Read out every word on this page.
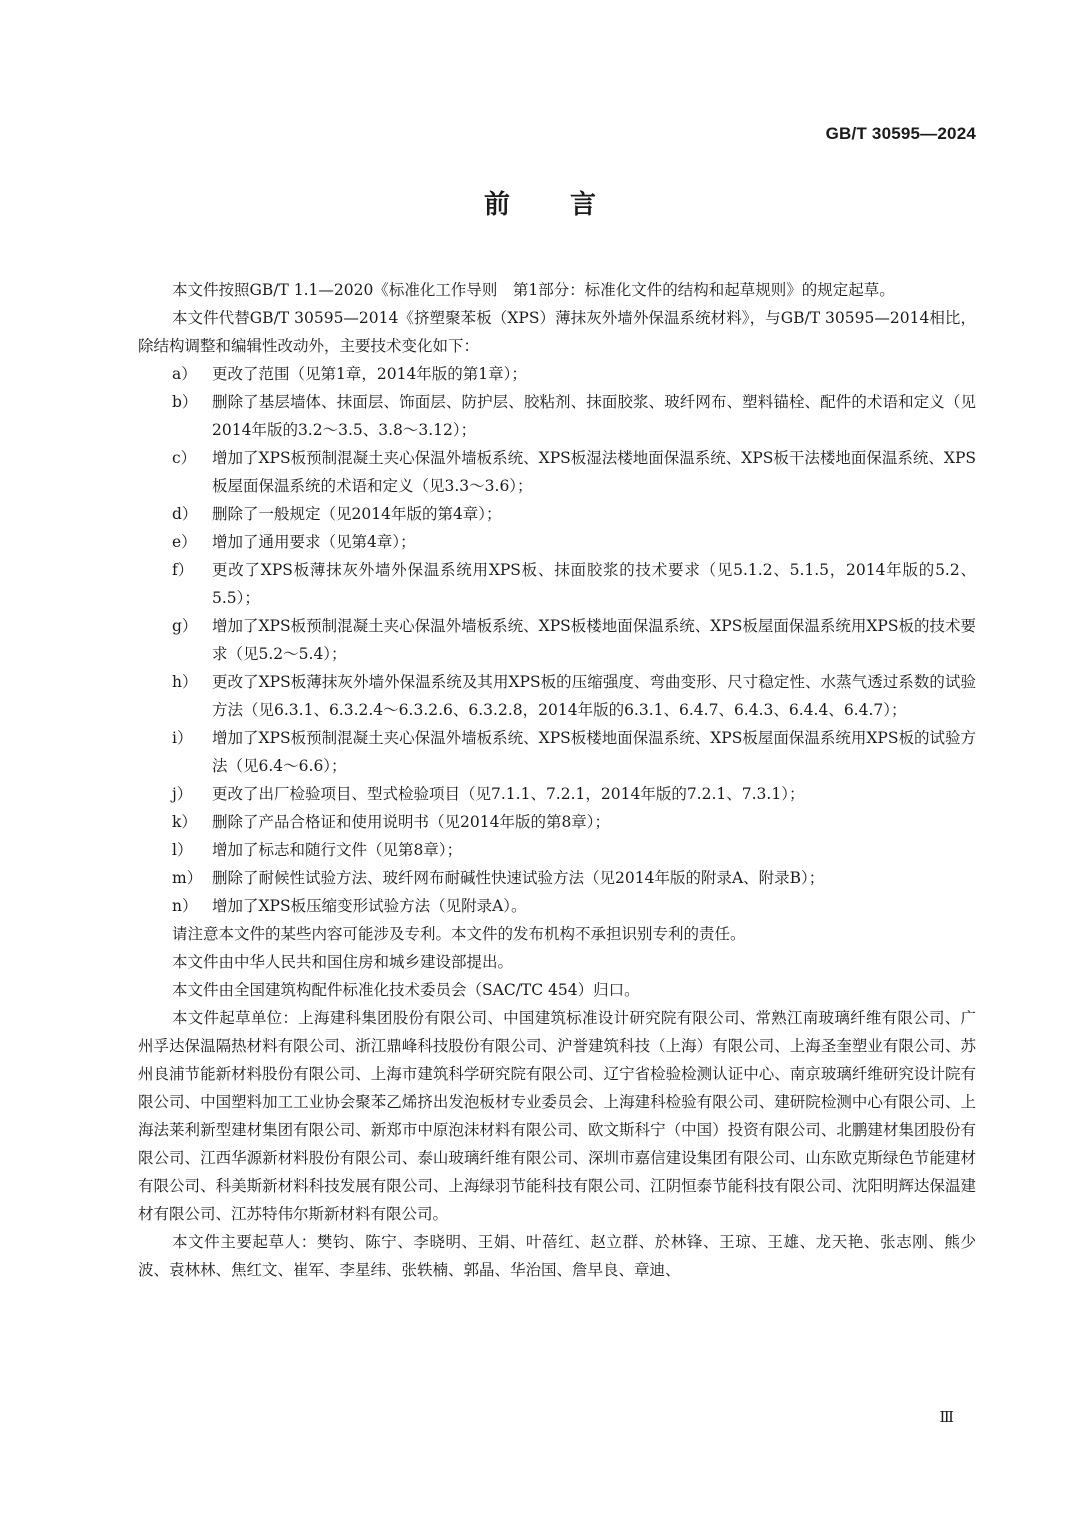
GB/T 30595—2024
前 言

本文件按照GB/T 1.1—2020《标准化工作导则　第1部分：标准化文件的结构和起草规则》的规定起草。

本文件代替GB/T 30595—2014《挤塑聚苯板（XPS）薄抹灰外墙外保温系统材料》，与GB/T 30595—2014相比，除结构调整和编辑性改动外，主要技术变化如下：

a） 更改了范围（见第1章，2014年版的第1章）；
b） 删除了基层墙体、抹面层、饰面层、防护层、胶粘剂、抹面胶浆、玻纤网布、塑料锚栓、配件的术语和定义（见2014年版的3.2～3.5、3.8～3.12）；
c）	增加了XPS板预制混凝土夹心保温外墙板系统、XPS板湿法楼地面保温系统、XPS板干法楼地面保温系统、XPS板屋面保温系统的术语和定义（见3.3～3.6）；
d） 删除了一般规定（见2014年版的第4章）；
e） 增加了通用要求（见第4章）；
f）	更改了XPS板薄抹灰外墙外保温系统用XPS板、抹面胶浆的技术要求（见5.1.2、5.1.5，2014年版的5.2、5.5）；
g） 增加了XPS板预制混凝土夹心保温外墙板系统、XPS板楼地面保温系统、XPS板屋面保温系统用XPS板的技术要求（见5.2～5.4）；
h） 更改了XPS板薄抹灰外墙外保温系统及其用XPS板的压缩强度、弯曲变形、尺寸稳定性、水蒸气透过系数的试验方法（见6.3.1、6.3.2.4～6.3.2.6、6.3.2.8，2014年版的6.3.1、6.4.7、6.4.3、6.4.4、6.4.7）；
i）	增加了XPS板预制混凝土夹心保温外墙板系统、XPS板楼地面保温系统、XPS板屋面保温系统用XPS板的试验方法（见6.4～6.6）；
j）	更改了出厂检验项目、型式检验项目（见7.1.1、7.2.1，2014年版的7.2.1、7.3.1）；
k） 删除了产品合格证和使用说明书（见2014年版的第8章）；
l）	增加了标志和随行文件（见第8章）；
m） 删除了耐候性试验方法、玻纤网布耐碱性快速试验方法（见2014年版的附录A、附录B）；
n） 增加了XPS板压缩变形试验方法（见附录A）。

请注意本文件的某些内容可能涉及专利。本文件的发布机构不承担识别专利的责任。

本文件由中华人民共和国住房和城乡建设部提出。

本文件由全国建筑构配件标准化技术委员会（SAC/TC 454）归口。

本文件起草单位：上海建科集团股份有限公司、中国建筑标准设计研究院有限公司、常熟江南玻璃纤维有限公司、广州孚达保温隔热材料有限公司、浙江鼎峰科技股份有限公司、沪誉建筑科技（上海）有限公司、上海圣奎塑业有限公司、苏州良浦节能新材料股份有限公司、上海市建筑科学研究院有限公司、辽宁省检验检测认证中心、南京玻璃纤维研究设计院有限公司、中国塑料加工工业协会聚苯乙烯挤出发泡板材专业委员会、上海建科检验有限公司、建研院检测中心有限公司、上海法莱利新型建材集团有限公司、新郑市中原泡沫材料有限公司、欧文斯科宁（中国）投资有限公司、北鹏建材集团股份有限公司、江西华源新材料股份有限公司、泰山玻璃纤维有限公司、深圳市嘉信建设集团有限公司、山东欧克斯绿色节能建材有限公司、科美斯新材料科技发展有限公司、上海绿羽节能科技有限公司、江阴恒泰节能科技有限公司、沈阳明辉达保温建材有限公司、江苏特伟尔斯新材料有限公司。

本文件主要起草人：樊钧、陈宁、李晓明、王娟、叶蓓红、赵立群、於林锋、王琼、王雄、龙天艳、张志刚、熊少波、袁林林、焦红文、崔军、李星纬、张轶楠、郭晶、华治国、詹早良、章迪、

Ⅲ
